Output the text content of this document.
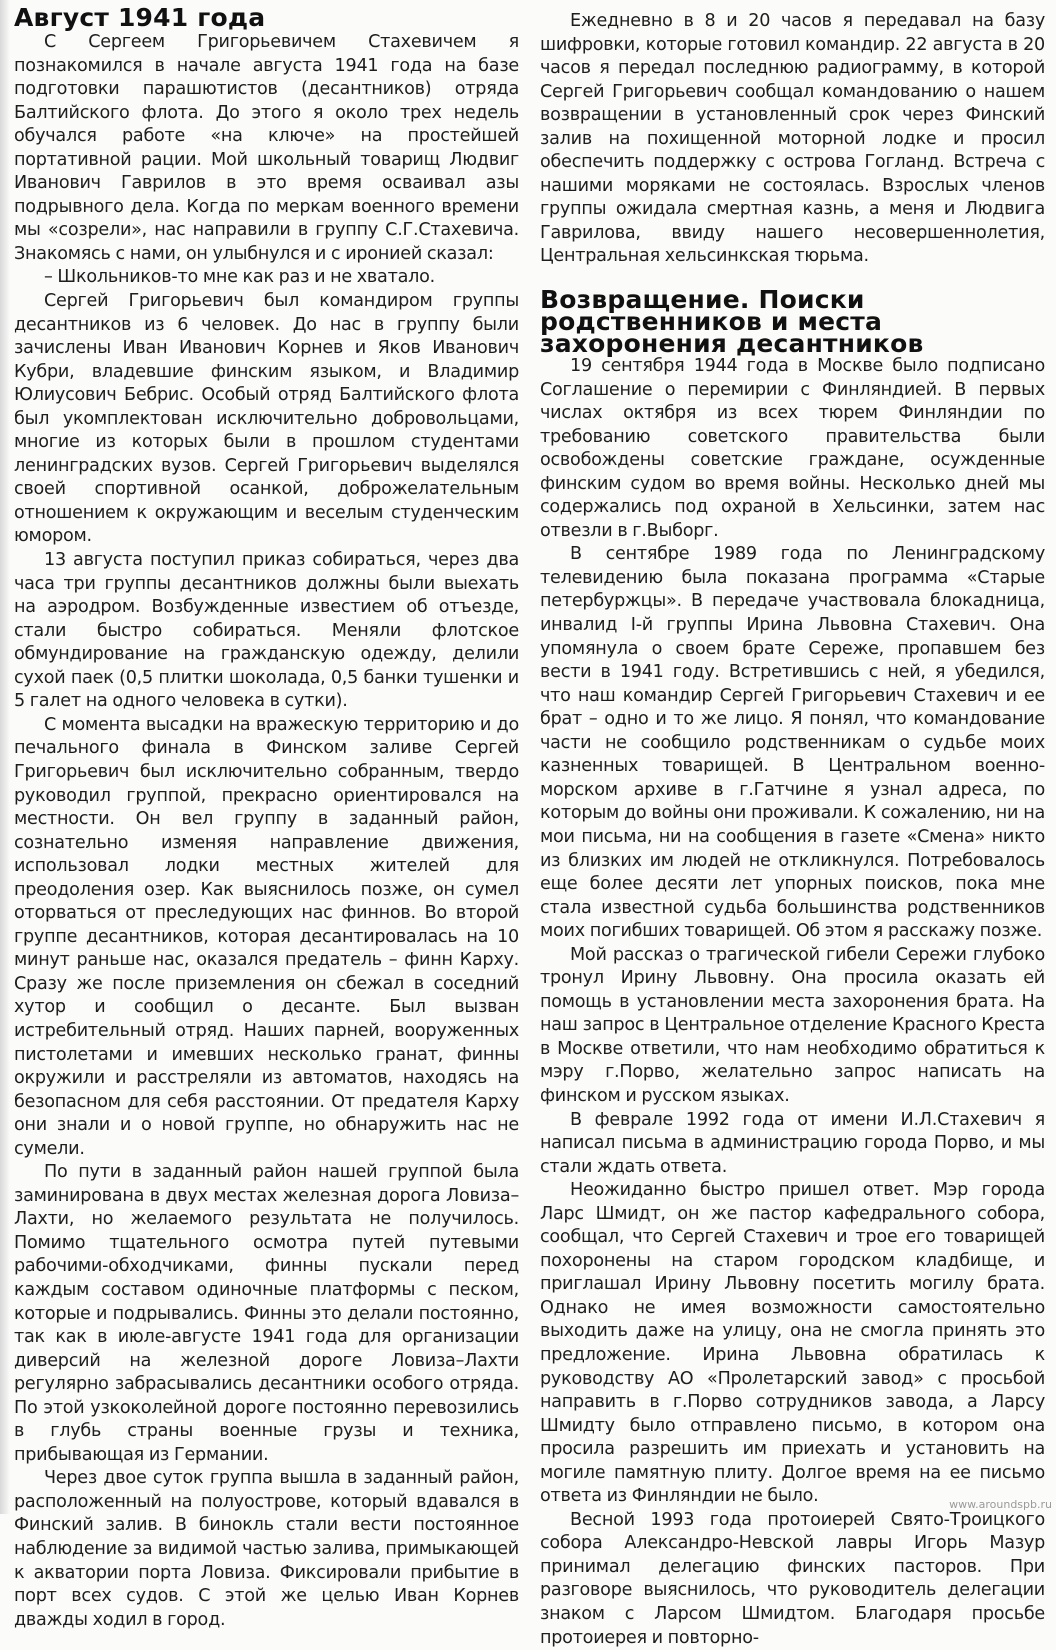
Август 1941 года

С Сергеем Григорьевичем Стахевичем я познакомился в начале августа 1941 года на базе подготовки парашютистов (десантников) отряда Балтийского флота. До этого я около трех недель обучался работе «на ключе» на простейшей портативной рации. Мой школьный товарищ Людвиг Иванович Гаврилов в это время осваивал азы подрывного дела. Когда по меркам военного времени мы «созрели», нас направили в группу С.Г.Стахевича. Знакомясь с нами, он улыбнулся и с иронией сказал:

– Школьников-то мне как раз и не хватало.

Сергей Григорьевич был командиром группы десантников из 6 человек. До нас в группу были зачислены Иван Иванович Корнев и Яков Иванович Кубри, владевшие финским языком, и Владимир Юлиусович Бебрис. Особый отряд Балтийского флота был укомплектован исключительно добровольцами, многие из которых были в прошлом студентами ленинградских вузов. Сергей Григорьевич выделялся своей спортивной осанкой, доброжелательным отношением к окружающим и веселым студенческим юмором.

13 августа поступил приказ собираться, через два часа три группы десантников должны были выехать на аэродром. Возбужденные известием об отъезде, стали быстро собираться. Меняли флотское обмундирование на гражданскую одежду, делили сухой паек (0,5 плитки шоколада, 0,5 банки тушенки и 5 галет на одного человека в сутки).

С момента высадки на вражескую территорию и до печального финала в Финском заливе Сергей Григорьевич был исключительно собранным, твердо руководил группой, прекрасно ориентировался на местности. Он вел группу в заданный район, сознательно изменяя направление движения, использовал лодки местных жителей для преодоления озер. Как выяснилось позже, он сумел оторваться от преследующих нас финнов. Во второй группе десантников, которая десантировалась на 10 минут раньше нас, оказался предатель – финн Карху. Сразу же после приземления он сбежал в соседний хутор и сообщил о десанте. Был вызван истребительный отряд. Наших парней, вооруженных пистолетами и имевших несколько гранат, финны окружили и расстреляли из автоматов, находясь на безопасном для себя расстоянии. От предателя Карху они знали и о новой группе, но обнаружить нас не сумели.

По пути в заданный район нашей группой была заминирована в двух местах железная дорога Ловиза–Лахти, но желаемого результата не получилось. Помимо тщательного осмотра путей путевыми рабочими-обходчиками, финны пускали перед каждым составом одиночные платформы с песком, которые и подрывались. Финны это делали постоянно, так как в июле-августе 1941 года для организации диверсий на железной дороге Ловиза–Лахти регулярно забрасывались десантники особого отряда. По этой узкоколейной дороге постоянно перевозились в глубь страны военные грузы и техника, прибывающая из Германии.

Через двое суток группа вышла в заданный район, расположенный на полуострове, который вдавался в Финский залив. В бинокль стали вести постоянное наблюдение за видимой частью залива, примыкающей к акватории порта Ловиза. Фиксировали прибытие в порт всех судов. С этой же целью Иван Корнев дважды ходил в город.

Ежедневно в 8 и 20 часов я передавал на базу шифровки, которые готовил командир. 22 августа в 20 часов я передал последнюю радиограмму, в которой Сергей Григорьевич сообщал командованию о нашем возвращении в установленный срок через Финский залив на похищенной моторной лодке и просил обеспечить поддержку с острова Гогланд. Встреча с нашими моряками не состоялась. Взрослых членов группы ожидала смертная казнь, а меня и Людвига Гаврилова, ввиду нашего несовершеннолетия, Центральная хельсинкская тюрьма.

Возвращение. Поиски родственников и места захоронения десантников

19 сентября 1944 года в Москве было подписано Соглашение о перемирии с Финляндией. В первых числах октября из всех тюрем Финляндии по требованию советского правительства были освобождены советские граждане, осужденные финским судом во время войны. Несколько дней мы содержались под охраной в Хельсинки, затем нас отвезли в г.Выборг.

В сентябре 1989 года по Ленинградскому телевидению была показана программа «Старые петербуржцы». В передаче участвовала блокадница, инвалид I-й группы Ирина Львовна Стахевич. Она упомянула о своем брате Сереже, пропавшем без вести в 1941 году. Встретившись с ней, я убедился, что наш командир Сергей Григорьевич Стахевич и ее брат – одно и то же лицо. Я понял, что командование части не сообщило родственникам о судьбе моих казненных товарищей. В Центральном военно-морском архиве в г.Гатчине я узнал адреса, по которым до войны они проживали. К сожалению, ни на мои письма, ни на сообщения в газете «Смена» никто из близких им людей не откликнулся. Потребовалось еще более десяти лет упорных поисков, пока мне стала известной судьба большинства родственников моих погибших товарищей. Об этом я расскажу позже.

Мой рассказ о трагической гибели Сережи глубоко тронул Ирину Львовну. Она просила оказать ей помощь в установлении места захоронения брата. На наш запрос в Центральное отделение Красного Креста в Москве ответили, что нам необходимо обратиться к мэру г.Порво, желательно запрос написать на финском и русском языках.

В феврале 1992 года от имени И.Л.Стахевич я написал письма в администрацию города Порво, и мы стали ждать ответа.

Неожиданно быстро пришел ответ. Мэр города Ларс Шмидт, он же пастор кафедрального собора, сообщал, что Сергей Стахевич и трое его товарищей похоронены на старом городском кладбище, и приглашал Ирину Львовну посетить могилу брата. Однако не имея возможности самостоятельно выходить даже на улицу, она не смогла принять это предложение. Ирина Львовна обратилась к руководству АО «Пролетарский завод» с просьбой направить в г.Порво сотрудников завода, а Ларсу Шмидту было отправлено письмо, в котором она просила разрешить им приехать и установить на могиле памятную плиту. Долгое время на ее письмо ответа из Финляндии не было.

Весной 1993 года протоиерей Свято-Троицкого собора Александро-Невской лавры Игорь Мазур принимал делегацию финских пасторов. При разговоре выяснилось, что руководитель делегации знаком с Ларсом Шмидтом. Благодаря просьбе протоиерея и повторно-

www.aroundspb.ru
